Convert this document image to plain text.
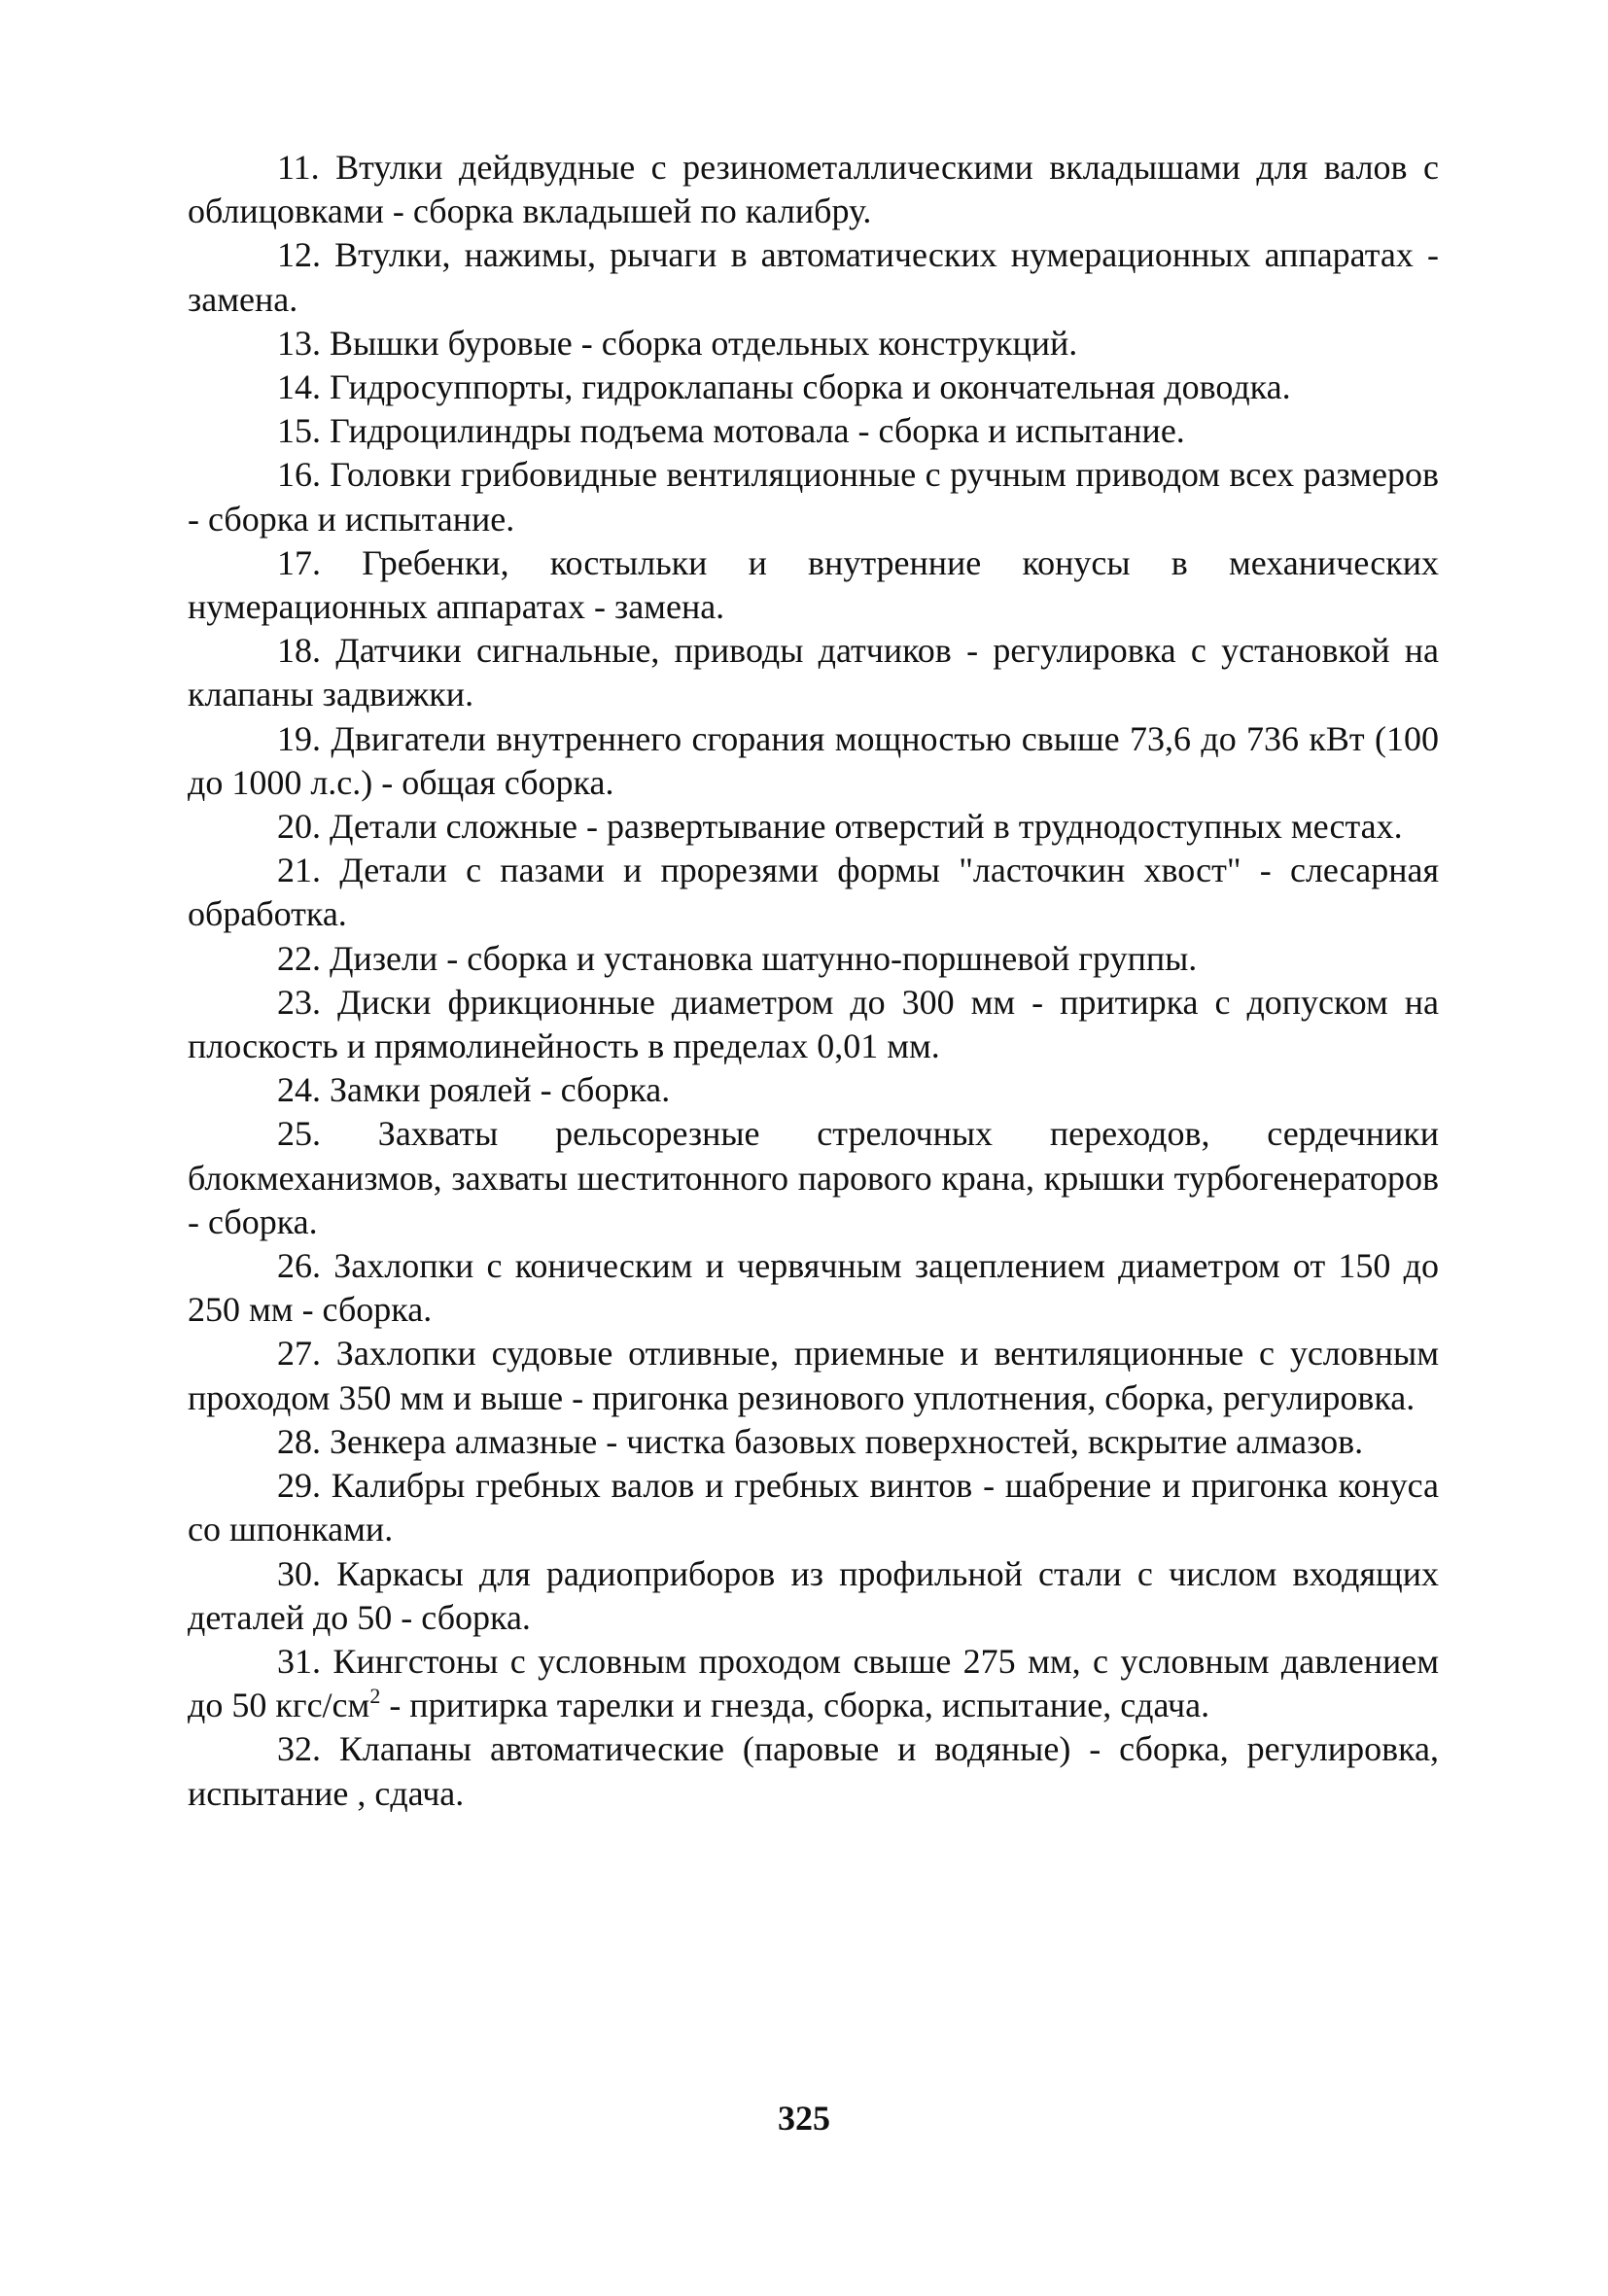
11. Втулки дейдвудные с резинометаллическими вкладышами для валов с облицовками - сборка вкладышей по калибру.

12. Втулки, нажимы, рычаги в автоматических нумерационных аппаратах - замена.

13. Вышки буровые - сборка отдельных конструкций.

14. Гидросуппорты, гидроклапаны сборка и окончательная доводка.

15. Гидроцилиндры подъема мотовала - сборка и испытание.

16. Головки грибовидные вентиляционные с ручным приводом всех размеров - сборка и испытание.

17. Гребенки, костыльки и внутренние конусы в механических нумерационных аппаратах - замена.

18. Датчики сигнальные, приводы датчиков - регулировка с установкой на клапаны задвижки.

19. Двигатели внутреннего сгорания мощностью свыше 73,6 до 736 кВт (100 до 1000 л.с.) - общая сборка.

20. Детали сложные - развертывание отверстий в труднодоступных местах.

21. Детали с пазами и прорезями формы "ласточкин хвост" - слесарная обработка.

22. Дизели - сборка и установка шатунно-поршневой группы.

23. Диски фрикционные диаметром до 300 мм - притирка с допуском на плоскость и прямолинейность в пределах 0,01 мм.

24. Замки роялей - сборка.

25. Захваты рельсорезные стрелочных переходов, сердечники блокмеханизмов, захваты шеститонного парового крана, крышки турбогенераторов - сборка.

26. Захлопки с коническим и червячным зацеплением диаметром от 150 до 250 мм - сборка.

27. Захлопки судовые отливные, приемные и вентиляционные с условным проходом 350 мм и выше - пригонка резинового уплотнения, сборка, регулировка.

28. Зенкера алмазные - чистка базовых поверхностей, вскрытие алмазов.

29. Калибры гребных валов и гребных винтов - шабрение и пригонка конуса со шпонками.

30. Каркасы для радиоприборов из профильной стали с числом входящих деталей до 50 - сборка.

31. Кингстоны с условным проходом свыше 275 мм, с условным давлением до 50 кгс/$см^2$ - притирка тарелки и гнезда, сборка, испытание, сдача.

32. Клапаны автоматические (паровые и водяные) - сборка, регулировка, испытание , сдача.

325
